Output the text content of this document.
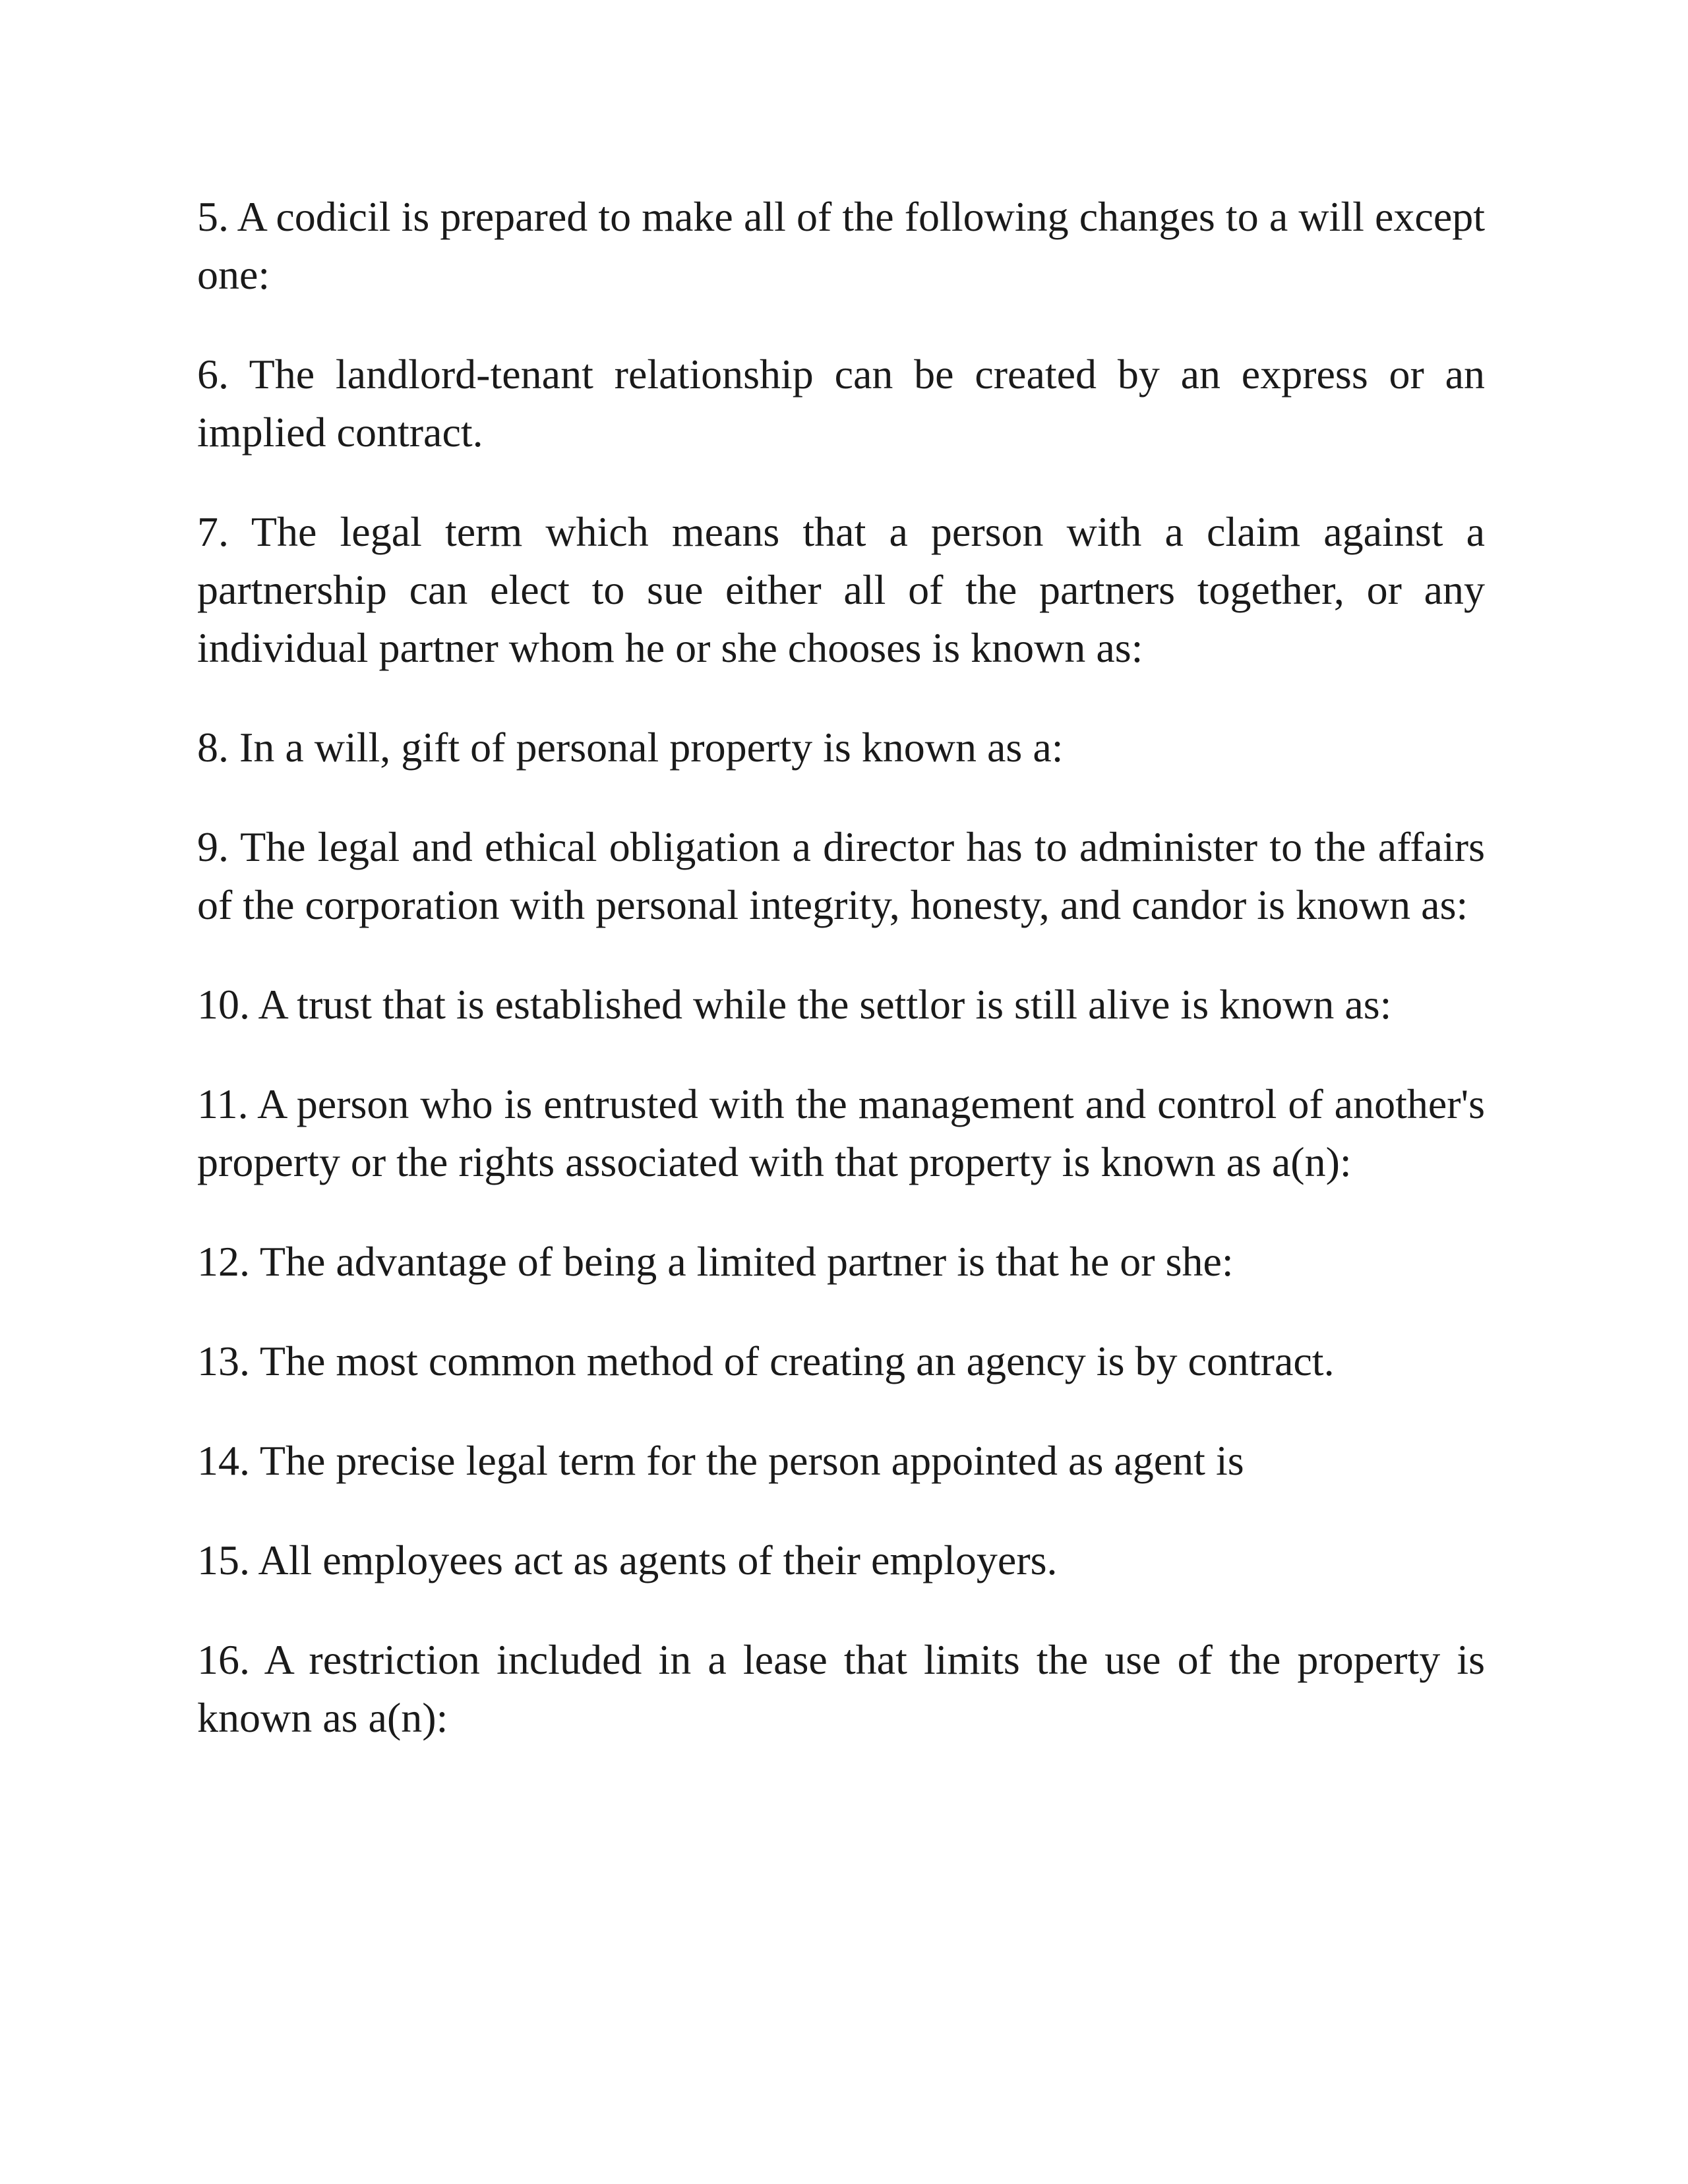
5. A codicil is prepared to make all of the following changes to a will except one:

6. The landlord-tenant relationship can be created by an express or an implied contract.

7. The legal term which means that a person with a claim against a partnership can elect to sue either all of the partners together, or any individual partner whom he or she chooses is known as:

8. In a will, gift of personal property is known as a:

9. The legal and ethical obligation a director has to administer to the affairs of the corporation with personal integrity, honesty, and candor is known as:

10. A trust that is established while the settlor is still alive is known as:

11. A person who is entrusted with the management and control of another's property or the rights associated with that property is known as a(n):

12. The advantage of being a limited partner is that he or she:

13. The most common method of creating an agency is by contract.

14. The precise legal term for the person appointed as agent is

15. All employees act as agents of their employers.

16. A restriction included in a lease that limits the use of the property is known as a(n):
